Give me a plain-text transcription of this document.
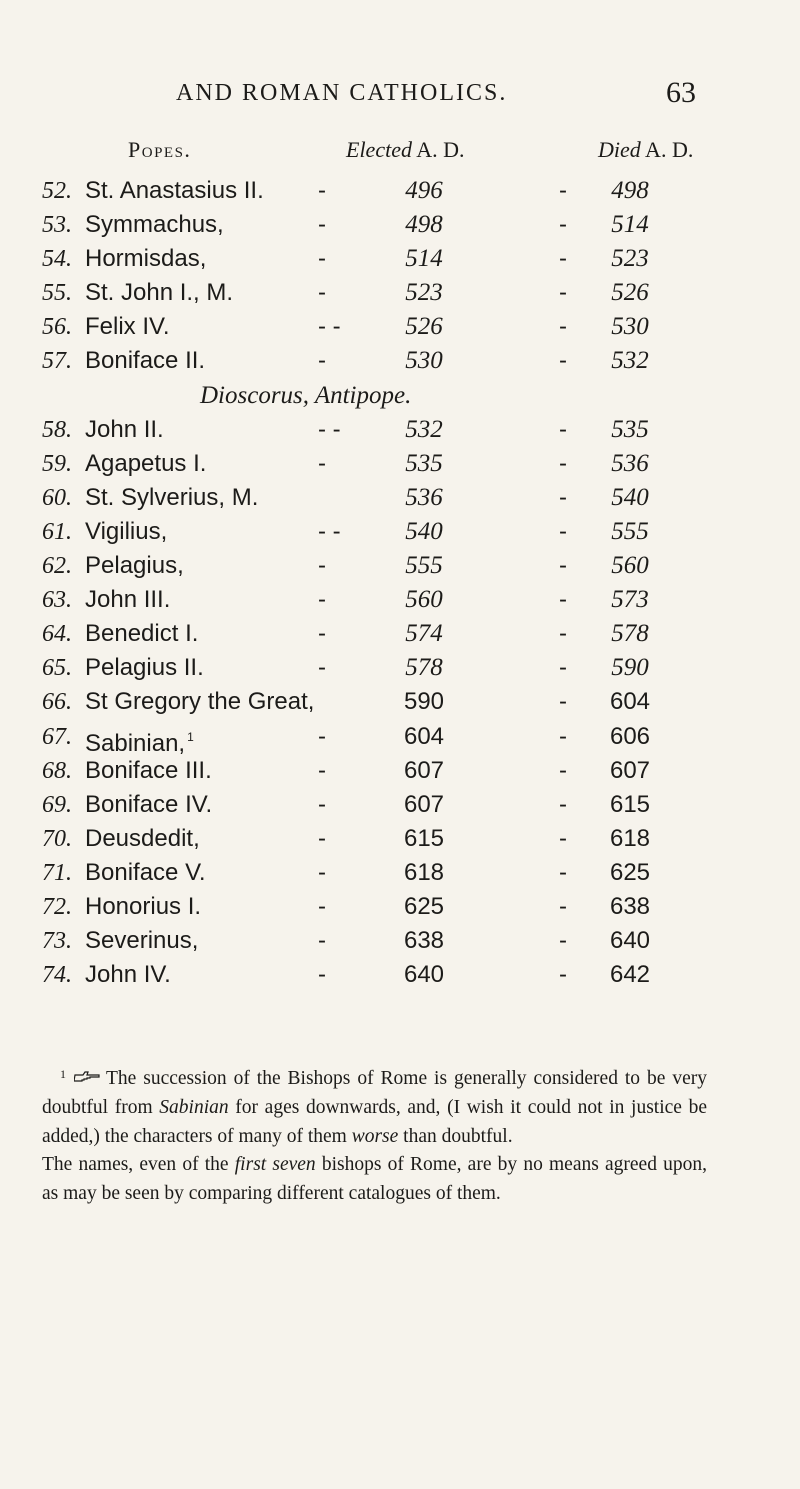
AND ROMAN CATHOLICS.	63
Popes.	Elected A. D.	Died A. D.
52. St. Anastasius II. -	496	-	498
53. Symmachus,	-	498	-	514
54. Hormisdas,	-	514	-	523
55. St. John I., M.	-	523	-	526
56. Felix IV.	- -	526	-	530
57. Boniface II.	-	530	-	532
Dioscorus, Antipope.
58. John II.	- -	532	-	535
59. Agapetus I.	-	535	-	536
60. St. Sylverius, M.	536	-	540
61. Vigilius,	- -	540	-	555
62. Pelagius,	-	555	-	560
63. John III.	-	560	-	573
64. Benedict I.	-	574	-	578
65. Pelagius II.	-	578	-	590
66. St Gregory the Great,	590	-	604
67. Sabinian, $^1$	-	604	-	606
68. Boniface III.	-	607	-	607
69. Boniface IV.	-	607	-	615
70. Deusdedit,	-	615	-	618
71. Boniface V.	-	618	-	625
72. Honorius I.	-	625	-	638
73. Severinus,	-	638	-	640
74. John IV.	-	640	-	642

$^1$ The succession of the Bishops of Rome is generally considered to be very doubtful from Sabinian for ages downwards, and, (I wish it could not in justice be added,) the characters of many of them worse than doubtful.

The names, even of the first seven bishops of Rome, are by no means agreed upon, as may be seen by comparing different catalogues of them.
